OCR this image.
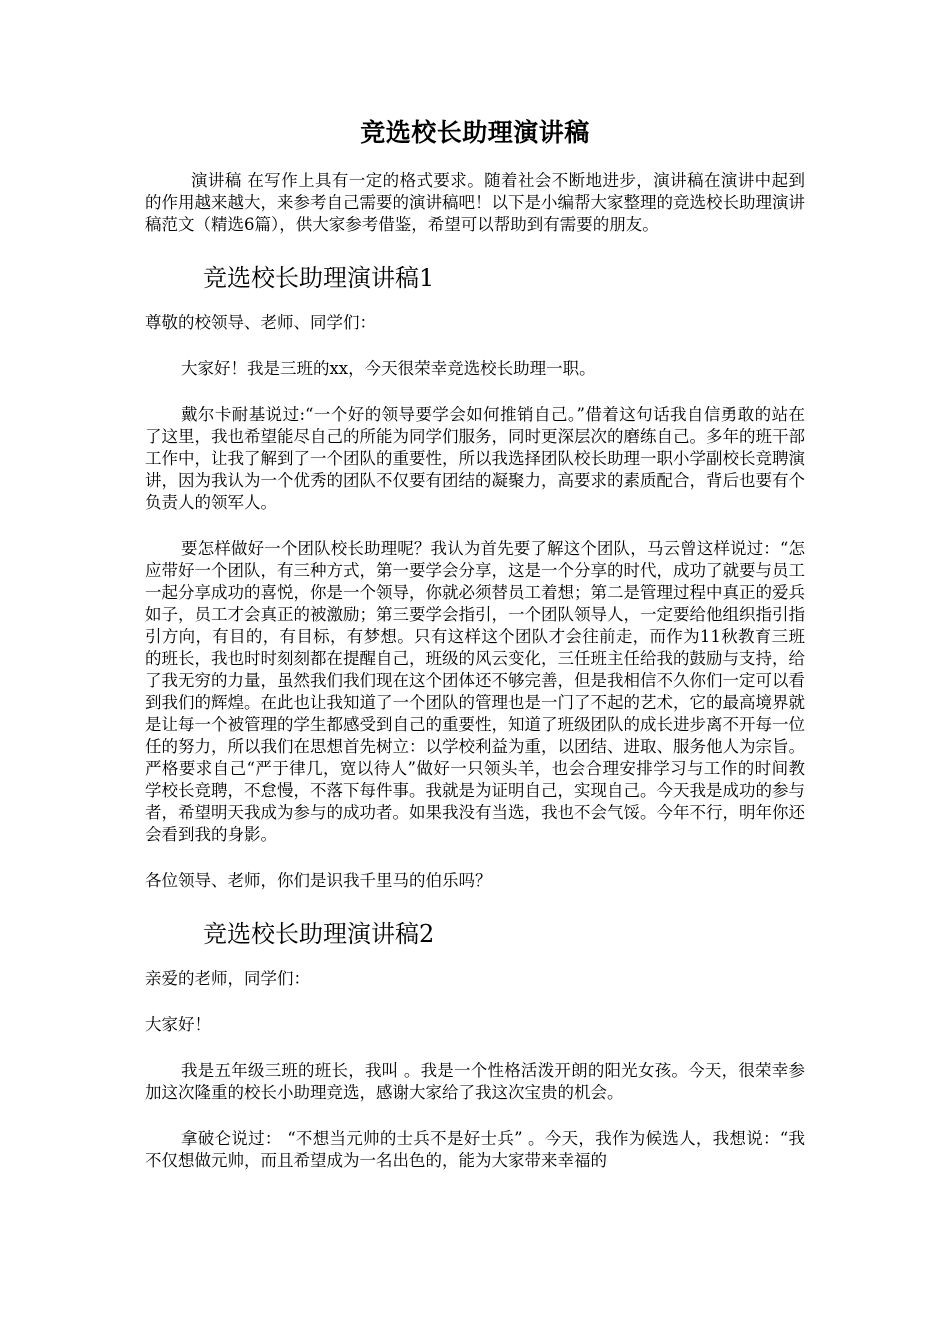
竞选校长助理演讲稿

演讲稿 在写作上具有一定的格式要求。随着社会不断地进步，演讲稿在演讲中起到的作用越来越大，来参考自己需要的演讲稿吧！以下是小编帮大家整理的竞选校长助理演讲稿范文（精选6篇），供大家参考借鉴，希望可以帮助到有需要的朋友。

竞选校长助理演讲稿1

尊敬的校领导、老师、同学们：

大家好！我是三班的xx，今天很荣幸竞选校长助理一职。

戴尔卡耐基说过:“一个好的领导要学会如何推销自己。”借着这句话我自信勇敢的站在了这里，我也希望能尽自己的所能为同学们服务，同时更深层次的磨练自己。多年的班干部工作中，让我了解到了一个团队的重要性，所以我选择团队校长助理一职小学副校长竞聘演讲，因为我认为一个优秀的团队不仅要有团结的凝聚力，高要求的素质配合，背后也要有个负责人的领军人。

要怎样做好一个团队校长助理呢？我认为首先要了解这个团队，马云曾这样说过：“怎应带好一个团队，有三种方式，第一要学会分享，这是一个分享的时代，成功了就要与员工一起分享成功的喜悦，你是一个领导，你就必须替员工着想；第二是管理过程中真正的爱兵如子，员工才会真正的被激励；第三要学会指引，一个团队领导人，一定要给他组织指引指引方向，有目的，有目标，有梦想。只有这样这个团队才会往前走，而作为11秋教育三班的班长，我也时时刻刻都在提醒自己，班级的风云变化，三任班主任给我的鼓励与支持，给了我无穷的力量，虽然我们我们现在这个团体还不够完善，但是我相信不久你们一定可以看到我们的辉煌。在此也让我知道了一个团队的管理也是一门了不起的艺术，它的最高境界就是让每一个被管理的学生都感受到自己的重要性，知道了班级团队的成长进步离不开每一位任的努力，所以我们在思想首先树立：以学校利益为重，以团结、进取、服务他人为宗旨。严格要求自己“严于律几，宽以待人”做好一只领头羊，也会合理安排学习与工作的时间教学校长竞聘，不怠慢，不落下每件事。我就是为证明自己，实现自己。今天我是成功的参与者，希望明天我成为参与的成功者。如果我没有当选，我也不会气馁。今年不行，明年你还会看到我的身影。

各位领导、老师，你们是识我千里马的伯乐吗？

竞选校长助理演讲稿2

亲爱的老师，同学们：

大家好！

我是五年级三班的班长，我叫 。我是一个性格活泼开朗的阳光女孩。今天，很荣幸参加这次隆重的校长小助理竞选，感谢大家给了我这次宝贵的机会。

拿破仑说过： “不想当元帅的士兵不是好士兵” 。今天，我作为候选人，我想说：“我不仅想做元帅，而且希望成为一名出色的，能为大家带来幸福的
